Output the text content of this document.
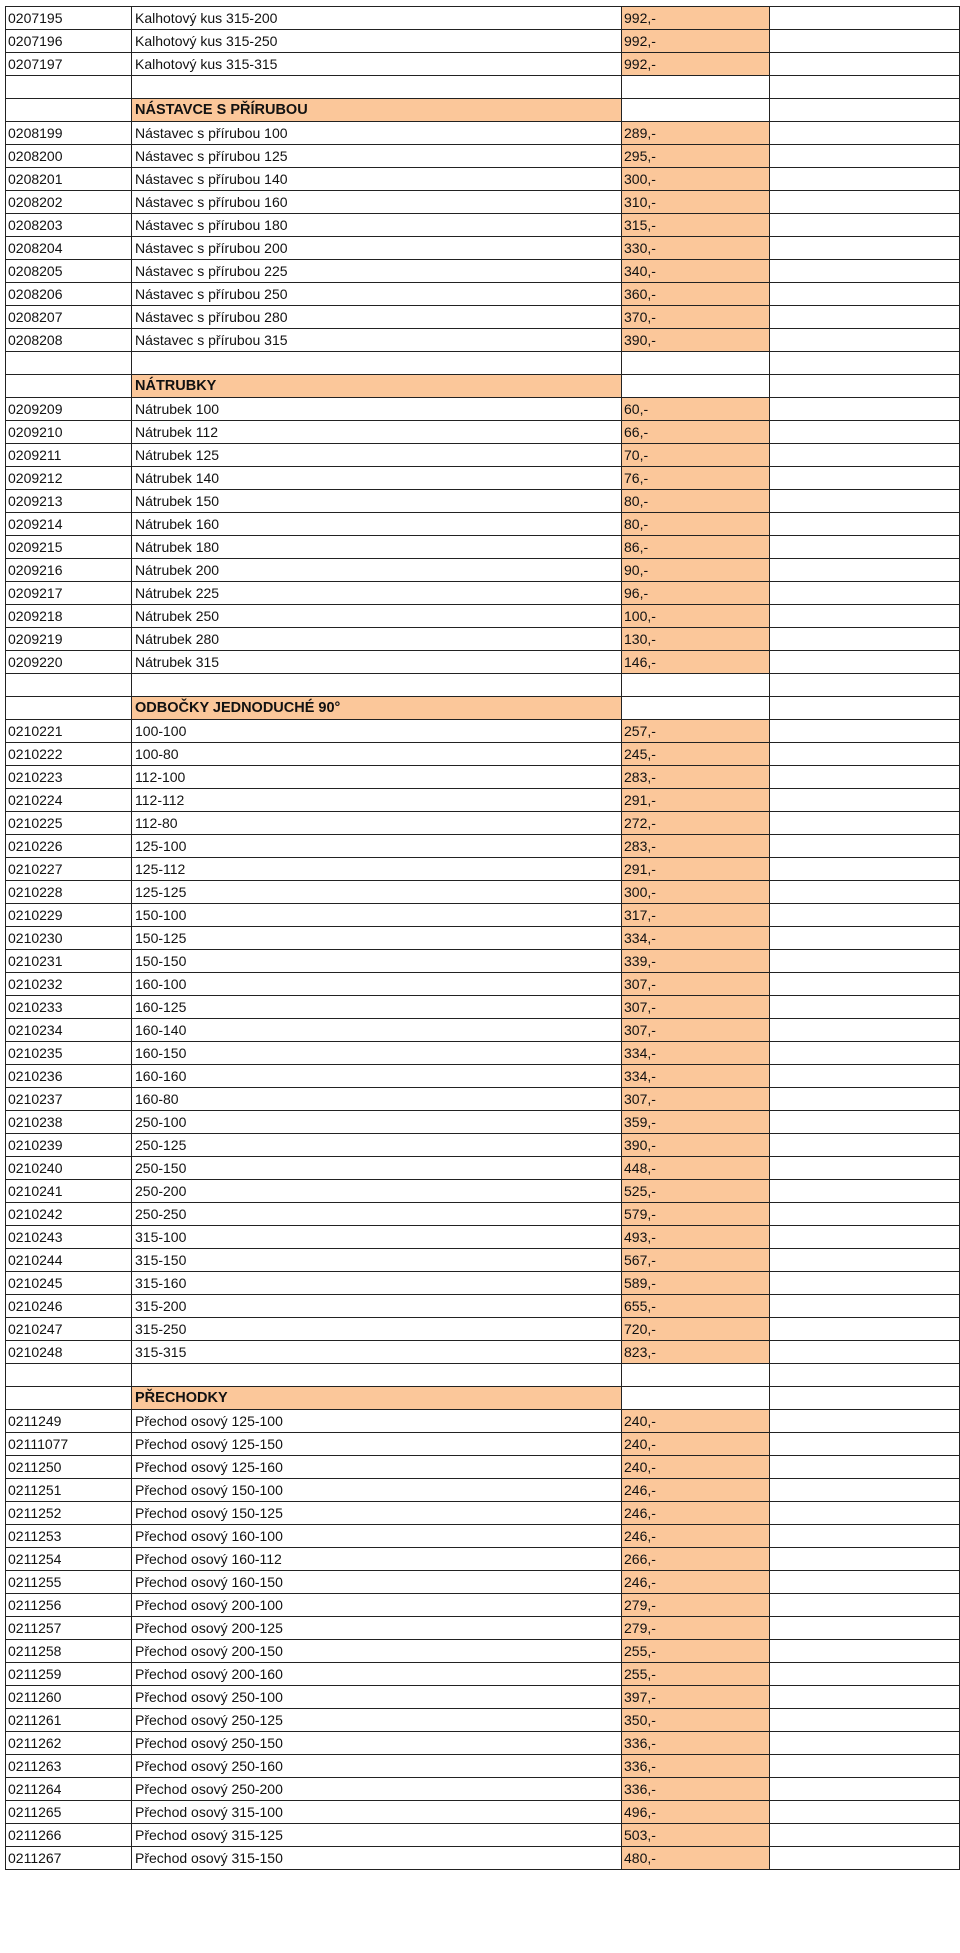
0207195	Kalhotový kus 315-200	992,-	
0207196	Kalhotový kus 315-250	992,-	
0207197	Kalhotový kus 315-315	992,-	

	NÁSTAVCE S PŘÍRUBOU		
0208199	Nástavec s přírubou 100	289,-	
0208200	Nástavec s přírubou 125	295,-	
0208201	Nástavec s přírubou 140	300,-	
0208202	Nástavec s přírubou 160	310,-	
0208203	Nástavec s přírubou 180	315,-	
0208204	Nástavec s přírubou 200	330,-	
0208205	Nástavec s přírubou 225	340,-	
0208206	Nástavec s přírubou 250	360,-	
0208207	Nástavec s přírubou 280	370,-	
0208208	Nástavec s přírubou 315	390,-	

	NÁTRUBKY		
0209209	Nátrubek 100	60,-	
0209210	Nátrubek 112	66,-	
0209211	Nátrubek 125	70,-	
0209212	Nátrubek 140	76,-	
0209213	Nátrubek 150	80,-	
0209214	Nátrubek 160	80,-	
0209215	Nátrubek 180	86,-	
0209216	Nátrubek 200	90,-	
0209217	Nátrubek 225	96,-	
0209218	Nátrubek 250	100,-	
0209219	Nátrubek 280	130,-	
0209220	Nátrubek 315	146,-	

	ODBOČKY JEDNODUCHÉ 90°		
0210221	100-100	257,-	
0210222	100-80	245,-	
0210223	112-100	283,-	
0210224	112-112	291,-	
0210225	112-80	272,-	
0210226	125-100	283,-	
0210227	125-112	291,-	
0210228	125-125	300,-	
0210229	150-100	317,-	
0210230	150-125	334,-	
0210231	150-150	339,-	
0210232	160-100	307,-	
0210233	160-125	307,-	
0210234	160-140	307,-	
0210235	160-150	334,-	
0210236	160-160	334,-	
0210237	160-80	307,-	
0210238	250-100	359,-	
0210239	250-125	390,-	
0210240	250-150	448,-	
0210241	250-200	525,-	
0210242	250-250	579,-	
0210243	315-100	493,-	
0210244	315-150	567,-	
0210245	315-160	589,-	
0210246	315-200	655,-	
0210247	315-250	720,-	
0210248	315-315	823,-	

	PŘECHODKY		
0211249	Přechod osový 125-100	240,-	
02111077	Přechod osový 125-150	240,-	
0211250	Přechod osový 125-160	240,-	
0211251	Přechod osový 150-100	246,-	
0211252	Přechod osový 150-125	246,-	
0211253	Přechod osový 160-100	246,-	
0211254	Přechod osový 160-112	266,-	
0211255	Přechod osový 160-150	246,-	
0211256	Přechod osový 200-100	279,-	
0211257	Přechod osový 200-125	279,-	
0211258	Přechod osový 200-150	255,-	
0211259	Přechod osový 200-160	255,-	
0211260	Přechod osový 250-100	397,-	
0211261	Přechod osový 250-125	350,-	
0211262	Přechod osový 250-150	336,-	
0211263	Přechod osový 250-160	336,-	
0211264	Přechod osový 250-200	336,-	
0211265	Přechod osový 315-100	496,-	
0211266	Přechod osový 315-125	503,-	
0211267	Přechod osový 315-150	480,-	
